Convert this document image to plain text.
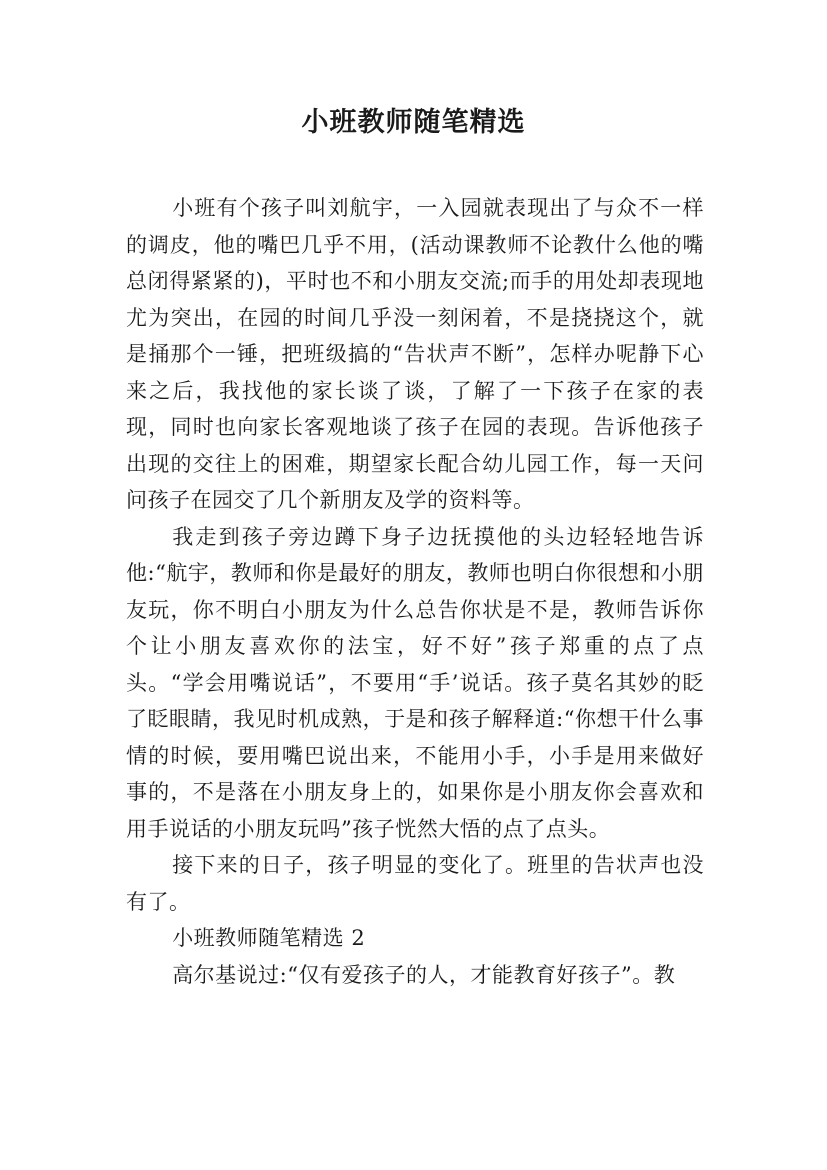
小班教师随笔精选

小班有个孩子叫刘航宇，一入园就表现出了与众不一样的调皮，他的嘴巴几乎不用，(活动课教师不论教什么他的嘴总闭得紧紧的)，平时也不和小朋友交流;而手的用处却表现地尤为突出，在园的时间几乎没一刻闲着，不是挠挠这个，就是捅那个一锤，把班级搞的“告状声不断”，怎样办呢静下心来之后，我找他的家长谈了谈，了解了一下孩子在家的表现，同时也向家长客观地谈了孩子在园的表现。告诉他孩子出现的交往上的困难，期望家长配合幼儿园工作，每一天问问孩子在园交了几个新朋友及学的资料等。

我走到孩子旁边蹲下身子边抚摸他的头边轻轻地告诉他:“航宇，教师和你是最好的朋友，教师也明白你很想和小朋友玩，你不明白小朋友为什么总告你状是不是，教师告诉你个让小朋友喜欢你的法宝，好不好”孩子郑重的点了点头。“学会用嘴说话”，不要用“手’说话。孩子莫名其妙的眨了眨眼睛，我见时机成熟，于是和孩子解释道:“你想干什么事情的时候，要用嘴巴说出来，不能用小手，小手是用来做好事的，不是落在小朋友身上的，如果你是小朋友你会喜欢和用手说话的小朋友玩吗”孩子恍然大悟的点了点头。

接下来的日子，孩子明显的变化了。班里的告状声也没有了。

小班教师随笔精选 2

高尔基说过:“仅有爱孩子的人，才能教育好孩子”。教
